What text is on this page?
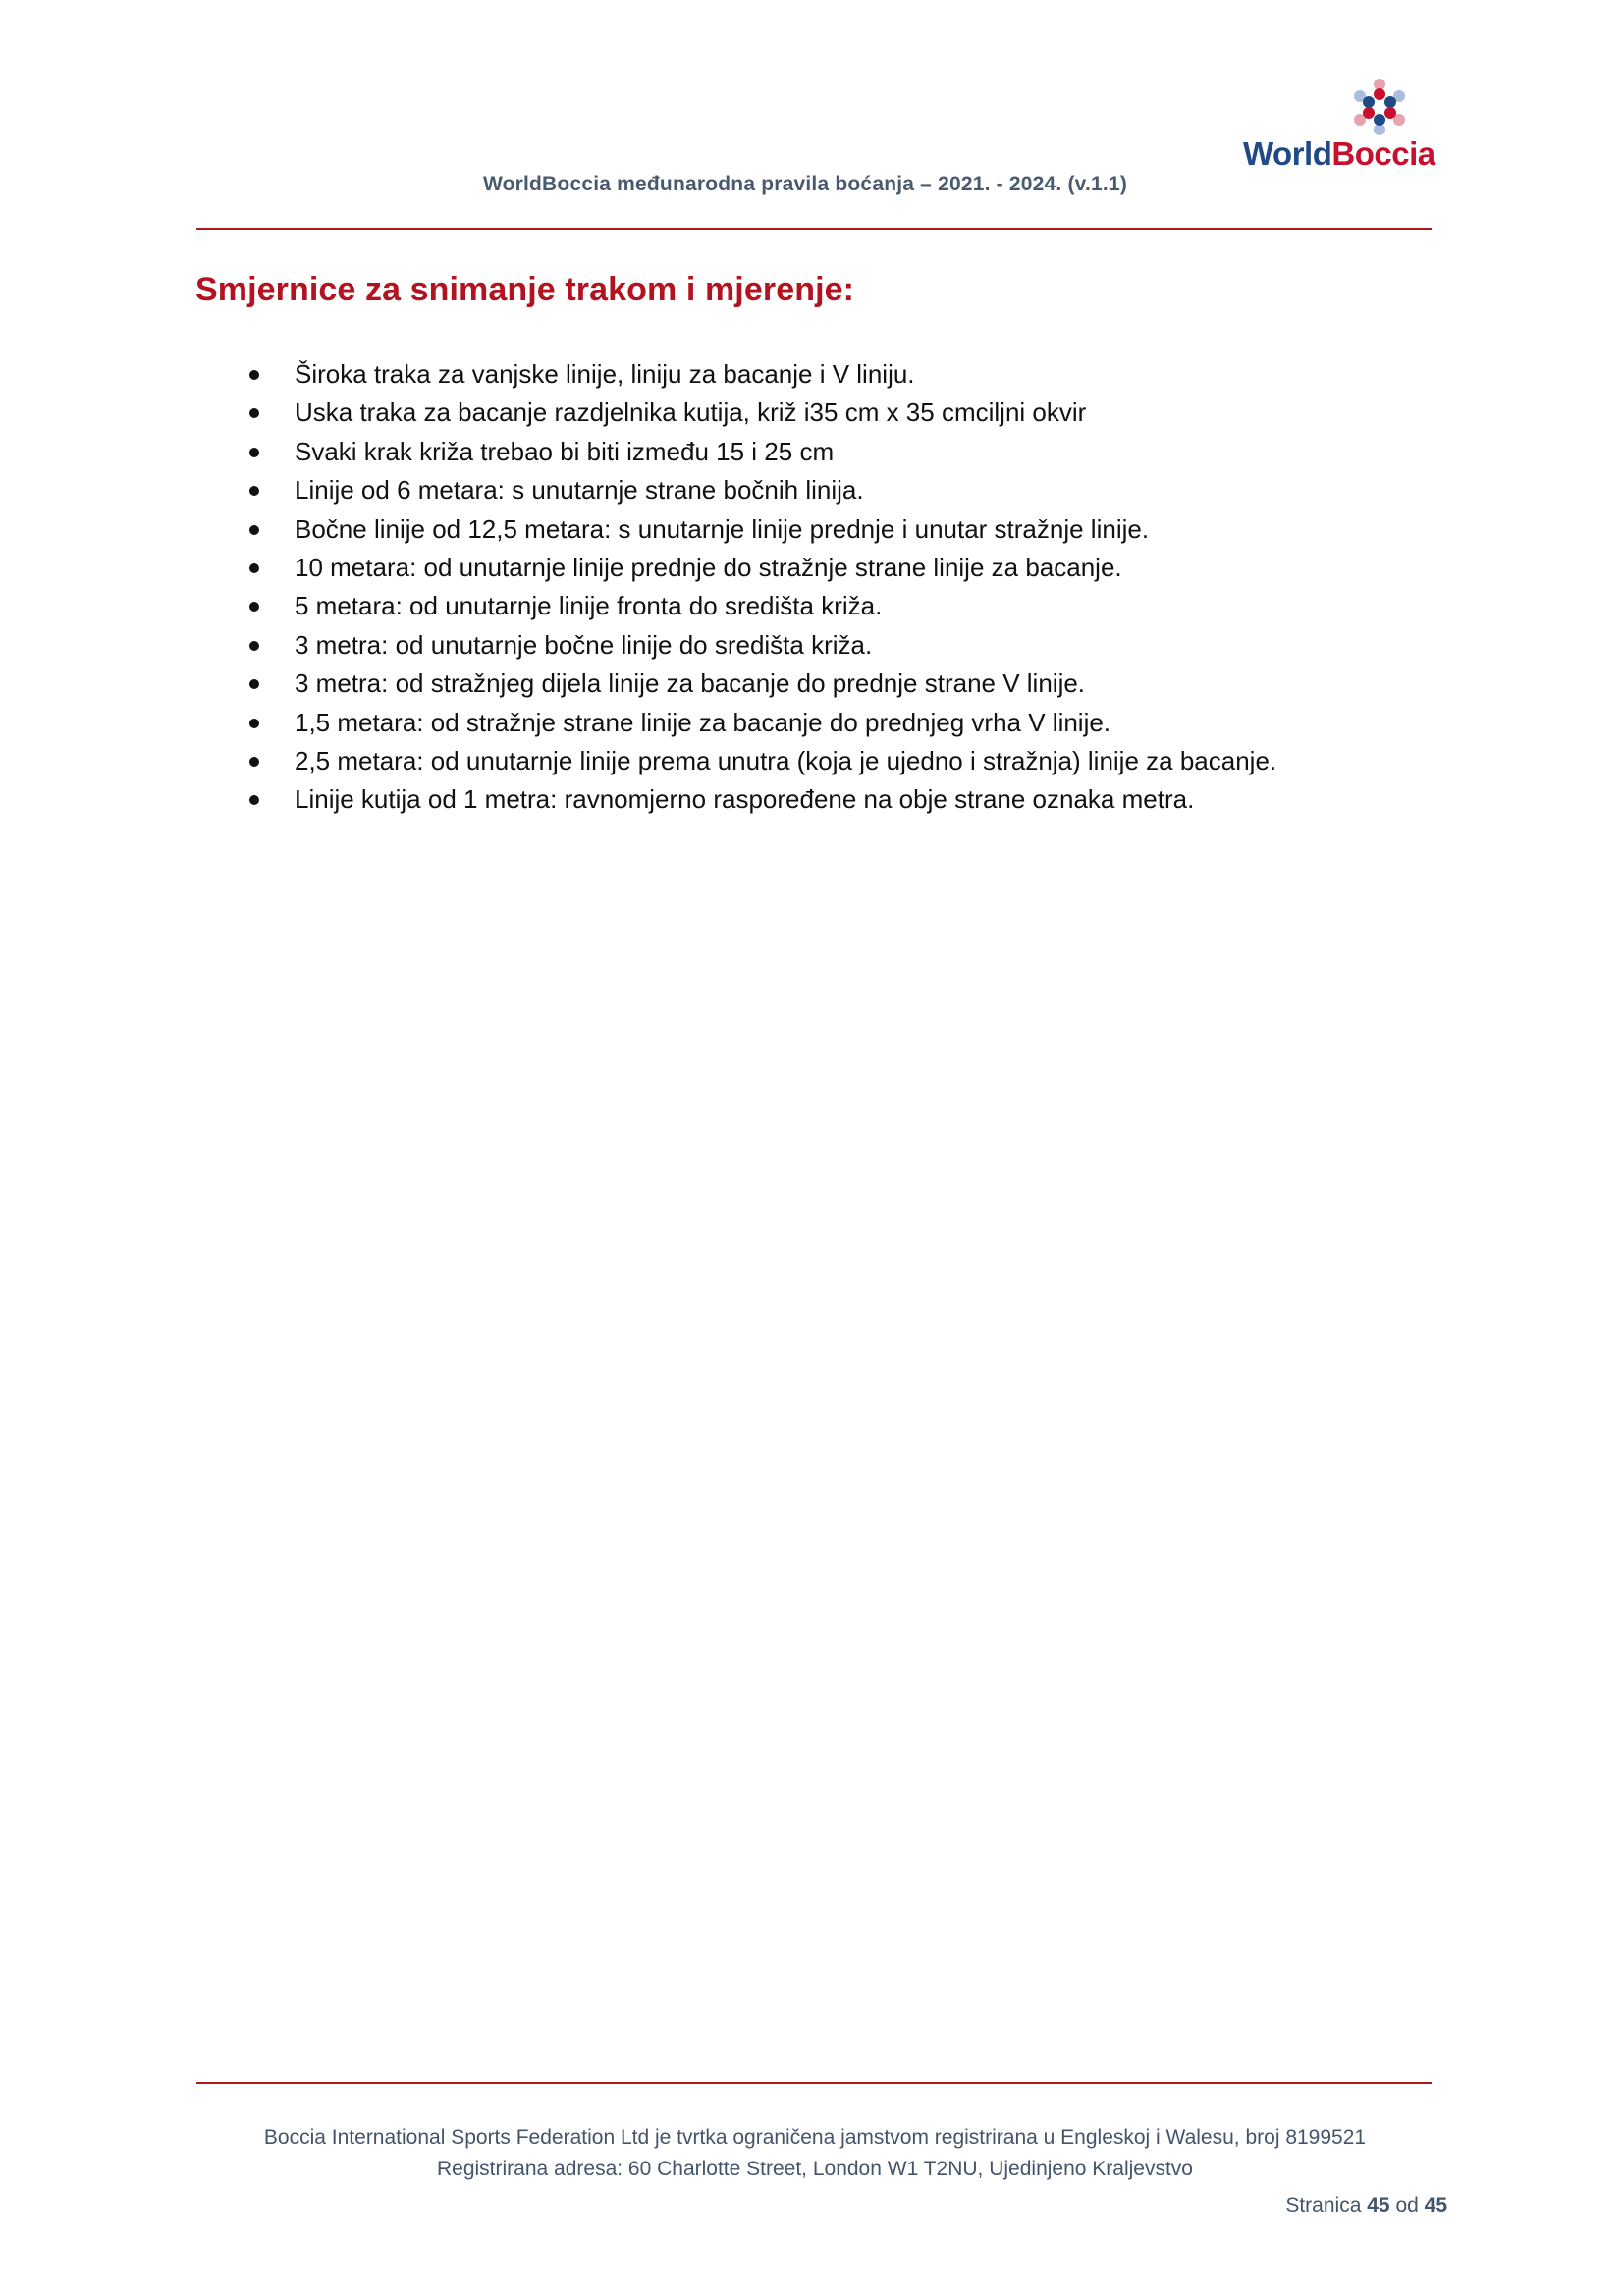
WorldBoccia
WorldBoccia međunarodna pravila boćanja – 2021. - 2024. (v.1.1)
Smjernice za snimanje trakom i mjerenje:
Široka traka za vanjske linije, liniju za bacanje i V liniju.
Uska traka za bacanje razdjelnika kutija, križ i35 cm x 35 cmciljni okvir
Svaki krak križa trebao bi biti između 15 i 25 cm
Linije od 6 metara: s unutarnje strane bočnih linija.
Bočne linije od 12,5 metara: s unutarnje linije prednje i unutar stražnje linije.
10 metara: od unutarnje linije prednje do stražnje strane linije za bacanje.
5 metara: od unutarnje linije fronta do središta križa.
3 metra: od unutarnje bočne linije do središta križa.
3 metra: od stražnjeg dijela linije za bacanje do prednje strane V linije.
1,5 metara: od stražnje strane linije za bacanje do prednjeg vrha V linije.
2,5 metara: od unutarnje linije prema unutra (koja je ujedno i stražnja) linije za bacanje.
Linije kutija od 1 metra: ravnomjerno raspoređene na obje strane oznaka metra.
Boccia International Sports Federation Ltd je tvrtka ograničena jamstvom registrirana u Engleskoj i Walesu, broj 8199521
Registrirana adresa: 60 Charlotte Street, London W1 T2NU, Ujedinjeno Kraljevstvo
Stranica 45 od 45
